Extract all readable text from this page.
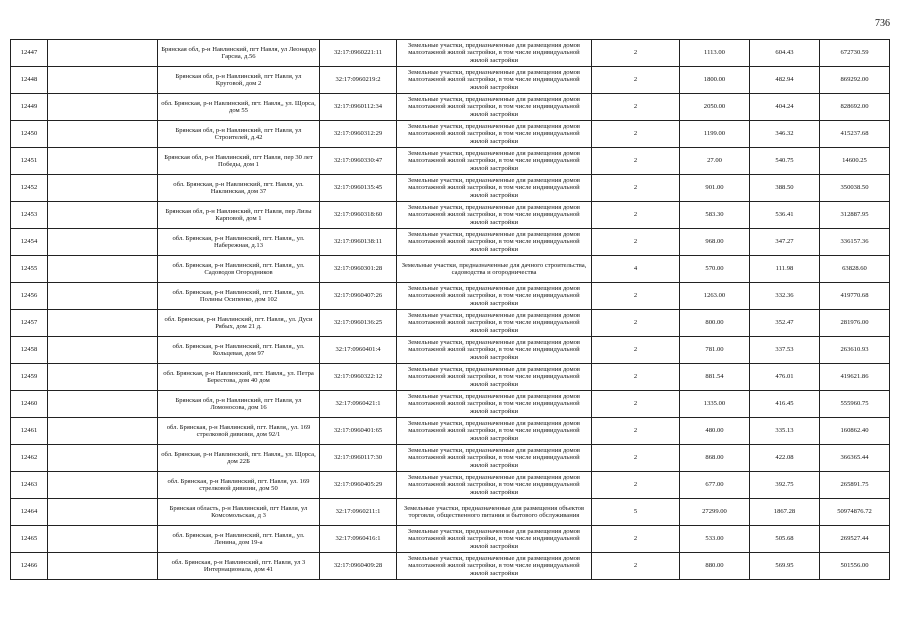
736
12447		Брянская обл, р-н Навлинский, пгт Навля, ул Леонардо Гарсиа, д.56	32:17:0960221:11	Земельные участки, предназначенные для размещения домов малоэтажной жилой застройки, в том числе индивидуальной жилой застройки	2	1113.00	604.43	672730.59
12448		Брянская обл, р-н Навлинский, пгт Навля, ул Круговой, дом 2	32:17:0960219:2	Земельные участки, предназначенные для размещения домов малоэтажной жилой застройки, в том числе индивидуальной жилой застройки	2	1800.00	482.94	869292.00
12449		обл. Брянская, р-н Навлинский, пгт. Навля,, ул. Щорса, дом 55	32:17:0960112:34	Земельные участки, предназначенные для размещения домов малоэтажной жилой застройки, в том числе индивидуальной жилой застройки	2	2050.00	404.24	828692.00
12450		Брянская обл, р-н Навлинский, пгт Навля, ул Строителей, д.42	32:17:0960312:29	Земельные участки, предназначенные для размещения домов малоэтажной жилой застройки, в том числе индивидуальной жилой застройки	2	1199.00	346.32	415237.68
12451		Брянская обл, р-н Навлинский, пгт Навля, пер 30 лет Победы, дом 1	32:17:0960330:47	Земельные участки, предназначенные для размещения домов малоэтажной жилой застройки, в том числе индивидуальной жилой застройки	2	27.00	540.75	14600.25
12452		обл. Брянская, р-н Навлинский, пгт. Навля, ул. Наклинская, дом 37	32:17:0960135:45	Земельные участки, предназначенные для размещения домов малоэтажной жилой застройки, в том числе индивидуальной жилой застройки	2	901.00	388.50	350038.50
12453		Брянская обл, р-н Навлинский, пгт Навля, пер Лизы Карповой, дом 1	32:17:0960318:60	Земельные участки, предназначенные для размещения домов малоэтажной жилой застройки, в том числе индивидуальной жилой застройки	2	583.30	536.41	312887.95
12454		обл. Брянская, р-н Навлинский, пгт. Навля,, ул. Набережная, д.13	32:17:0960138:11	Земельные участки, предназначенные для размещения домов малоэтажной жилой застройки, в том числе индивидуальной жилой застройки	2	968.00	347.27	336157.36
12455		обл. Брянская, р-н Навлинский, пгт. Навля,, ул. Садоводов Огородников	32:17:0960301:28	Земельные участки, предназначенные для дачного строительства, садоводства и огородничества	4	570.00	111.98	63828.60
12456		обл. Брянская, р-н Навлинский, пгт. Навля,, ул. Полины Осипенко, дом 102	32:17:0960407:26	Земельные участки, предназначенные для размещения домов малоэтажной жилой застройки, в том числе индивидуальной жилой застройки	2	1263.00	332.36	419770.68
12457		обл. Брянская, р-н Навлинский, пгт. Навля,, ул. Дуси Рябых, дом 21 д.	32:17:0960136:25	Земельные участки, предназначенные для размещения домов малоэтажной жилой застройки, в том числе индивидуальной жилой застройки	2	800.00	352.47	281976.00
12458		обл. Брянская, р-н Навлинский, пгт. Навля,, ул. Кольцевая, дом 97	32:17:0960401:4	Земельные участки, предназначенные для размещения домов малоэтажной жилой застройки, в том числе индивидуальной жилой застройки	2	781.00	337.53	263610.93
12459		обл. Брянская, р-н Навлинский, пгт. Навля,, ул. Петра Берестова, дом 40 дом	32:17:0960322:12	Земельные участки, предназначенные для размещения домов малоэтажной жилой застройки, в том числе индивидуальной жилой застройки	2	881.54	476.01	419621.86
12460		Брянская обл, р-н Навлинский, пгт Навля, ул Ломоносова, дом 16	32:17:0960421:1	Земельные участки, предназначенные для размещения домов малоэтажной жилой застройки, в том числе индивидуальной жилой застройки	2	1335.00	416.45	555960.75
12461		обл. Брянская, р-н Навлинский, пгт. Навля,, ул. 169 стрелковой дивизии, дом 92/1	32:17:0960401:65	Земельные участки, предназначенные для размещения домов малоэтажной жилой застройки, в том числе индивидуальной жилой застройки	2	480.00	335.13	160862.40
12462		обл. Брянская, р-н Навлинский, пгт. Навля,, ул. Щорса, дом 22Б	32:17:0960117:30	Земельные участки, предназначенные для размещения домов малоэтажной жилой застройки, в том числе индивидуальной жилой застройки	2	868.00	422.08	366365.44
12463		обл. Брянская, р-н Навлинский, пгт. Навля, ул. 169 стрелковой дивизии, дом 50	32:17:0960405:29	Земельные участки, предназначенные для размещения домов малоэтажной жилой застройки, в том числе индивидуальной жилой застройки	2	677.00	392.75	265891.75
12464		Брянская область, р-н Навлинский, пгт Навля, ул Комсомольская, д 3	32:17:0960211:1	Земельные участки, предназначенные для размещения объектов торговли, общественного питания и бытового обслуживания	5	27299.00	1867.28	50974876.72
12465		обл. Брянская, р-н Навлинский, пгт. Навля,, ул. Ленина, дом 19-а	32:17:0960416:1	Земельные участки, предназначенные для размещения домов малоэтажной жилой застройки, в том числе индивидуальной жилой застройки	2	533.00	505.68	269527.44
12466		обл. Брянская, р-н Навлинский, пгт. Навля, ул 3 Интернационала, дом 41	32:17:0960409:28	Земельные участки, предназначенные для размещения домов малоэтажной жилой застройки, в том числе индивидуальной жилой застройки	2	880.00	569.95	501556.00
